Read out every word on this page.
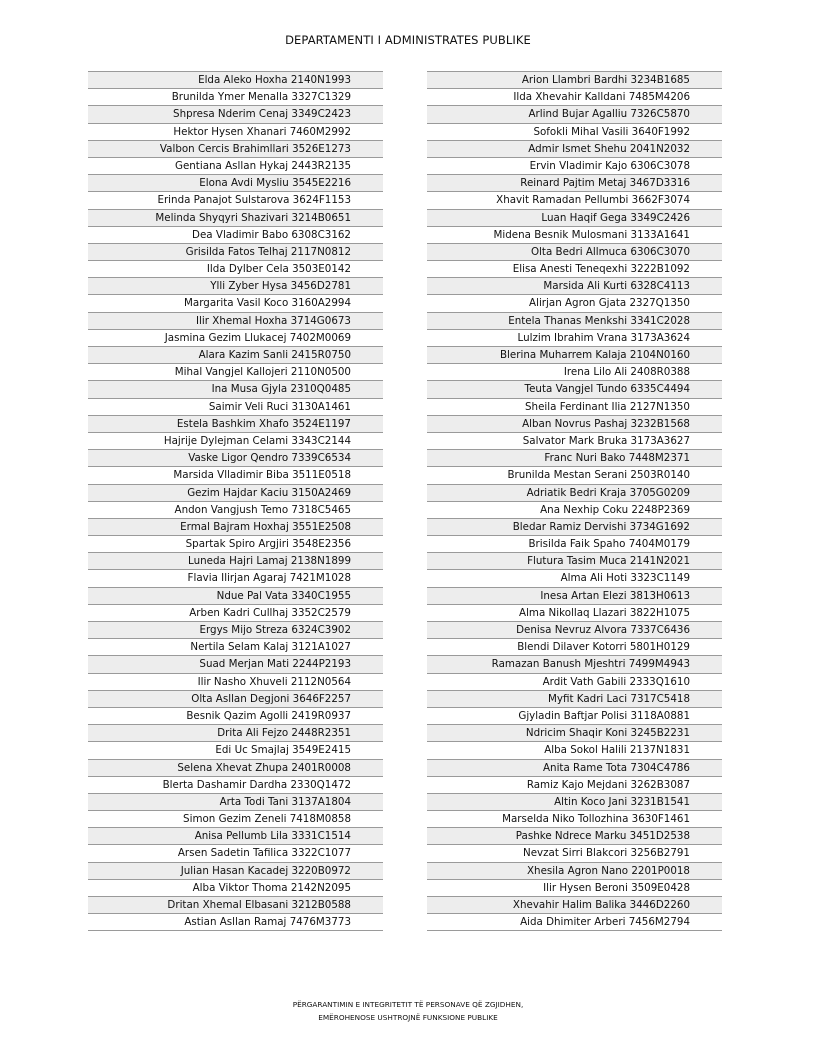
DEPARTAMENTI I ADMINISTRATES PUBLIKE
Elda Aleko Hoxha 2140N1993
Brunilda Ymer Menalla 3327C1329
Shpresa Nderim Cenaj 3349C2423
Hektor Hysen Xhanari 7460M2992
Valbon Cercis Brahimllari 3526E1273
Gentiana Asllan Hykaj 2443R2135
Elona Avdi Mysliu 3545E2216
Erinda Panajot Sulstarova 3624F1153
Melinda Shyqyri Shazivari 3214B0651
Dea Vladimir Babo 6308C3162
Grisilda Fatos Telhaj 2117N0812
Ilda Dylber Cela 3503E0142
Ylli Zyber Hysa 3456D2781
Margarita Vasil Koco 3160A2994
Ilir Xhemal Hoxha 3714G0673
Jasmina Gezim Llukacej 7402M0069
Alara Kazim Sanli 2415R0750
Mihal Vangjel Kallojeri 2110N0500
Ina Musa Gjyla 2310Q0485
Saimir Veli Ruci 3130A1461
Estela Bashkim Xhafo 3524E1197
Hajrije Dylejman Celami 3343C2144
Vaske Ligor Qendro 7339C6534
Marsida Vlladimir Biba 3511E0518
Gezim Hajdar Kaciu 3150A2469
Andon Vangjush Temo 7318C5465
Ermal Bajram Hoxhaj 3551E2508
Spartak Spiro Argjiri 3548E2356
Luneda Hajri Lamaj 2138N1899
Flavia Ilirjan Agaraj 7421M1028
Ndue Pal Vata 3340C1955
Arben Kadri Cullhaj 3352C2579
Ergys Mijo Streza 6324C3902
Nertila Selam Kalaj 3121A1027
Suad Merjan Mati 2244P2193
Ilir Nasho Xhuveli 2112N0564
Olta Asllan Degjoni 3646F2257
Besnik Qazim Agolli 2419R0937
Drita Ali Fejzo 2448R2351
Edi Uc Smajlaj 3549E2415
Selena Xhevat Zhupa 2401R0008
Blerta Dashamir Dardha 2330Q1472
Arta Todi Tani 3137A1804
Simon Gezim Zeneli 7418M0858
Anisa Pellumb Lila 3331C1514
Arsen Sadetin Tafilica 3322C1077
Julian Hasan Kacadej 3220B0972
Alba Viktor Thoma 2142N2095
Dritan Xhemal Elbasani 3212B0588
Astian Asllan Ramaj 7476M3773
Arion Llambri Bardhi 3234B1685
Ilda Xhevahir Kalldani 7485M4206
Arlind Bujar Agalliu 7326C5870
Sofokli Mihal Vasili 3640F1992
Admir Ismet Shehu 2041N2032
Ervin Vladimir Kajo 6306C3078
Reinard Pajtim Metaj 3467D3316
Xhavit Ramadan Pellumbi 3662F3074
Luan Haqif Gega 3349C2426
Midena Besnik Mulosmani 3133A1641
Olta Bedri Allmuca 6306C3070
Elisa Anesti Teneqexhi 3222B1092
Marsida Ali Kurti 6328C4113
Alirjan Agron Gjata 2327Q1350
Entela Thanas Menkshi 3341C2028
Lulzim Ibrahim Vrana 3173A3624
Blerina Muharrem Kalaja 2104N0160
Irena Lilo Ali 2408R0388
Teuta Vangjel Tundo 6335C4494
Sheila Ferdinant Ilia 2127N1350
Alban Novrus Pashaj 3232B1568
Salvator Mark Bruka 3173A3627
Franc Nuri Bako 7448M2371
Brunilda Mestan Serani 2503R0140
Adriatik Bedri Kraja 3705G0209
Ana Nexhip Coku 2248P2369
Bledar Ramiz Dervishi 3734G1692
Brisilda Faik Spaho 7404M0179
Flutura Tasim Muca 2141N2021
Alma Ali Hoti 3323C1149
Inesa Artan Elezi 3813H0613
Alma Nikollaq Llazari 3822H1075
Denisa Nevruz Alvora 7337C6436
Blendi Dilaver Kotorri 5801H0129
Ramazan Banush Mjeshtri 7499M4943
Ardit Vath Gabili 2333Q1610
Myfit Kadri Laci 7317C5418
Gjyladin Baftjar Polisi 3118A0881
Ndricim Shaqir Koni 3245B2231
Alba Sokol Halili 2137N1831
Anita Rame Tota 7304C4786
Ramiz Kajo Mejdani 3262B3087
Altin Koco Jani 3231B1541
Marselda Niko Tollozhina 3630F1461
Pashke Ndrece Marku 3451D2538
Nevzat Sirri Blakcori 3256B2791
Xhesila Agron Nano 2201P0018
Ilir Hysen Beroni 3509E0428
Xhevahir Halim Balika 3446D2260
Aida Dhimiter Arberi 7456M2794
PËRGARANTIMIN E INTEGRITETIT TË PERSONAVE QË ZGJIDHEN,
EMËROHENOSE USHTROJNË FUNKSIONE PUBLIKE
